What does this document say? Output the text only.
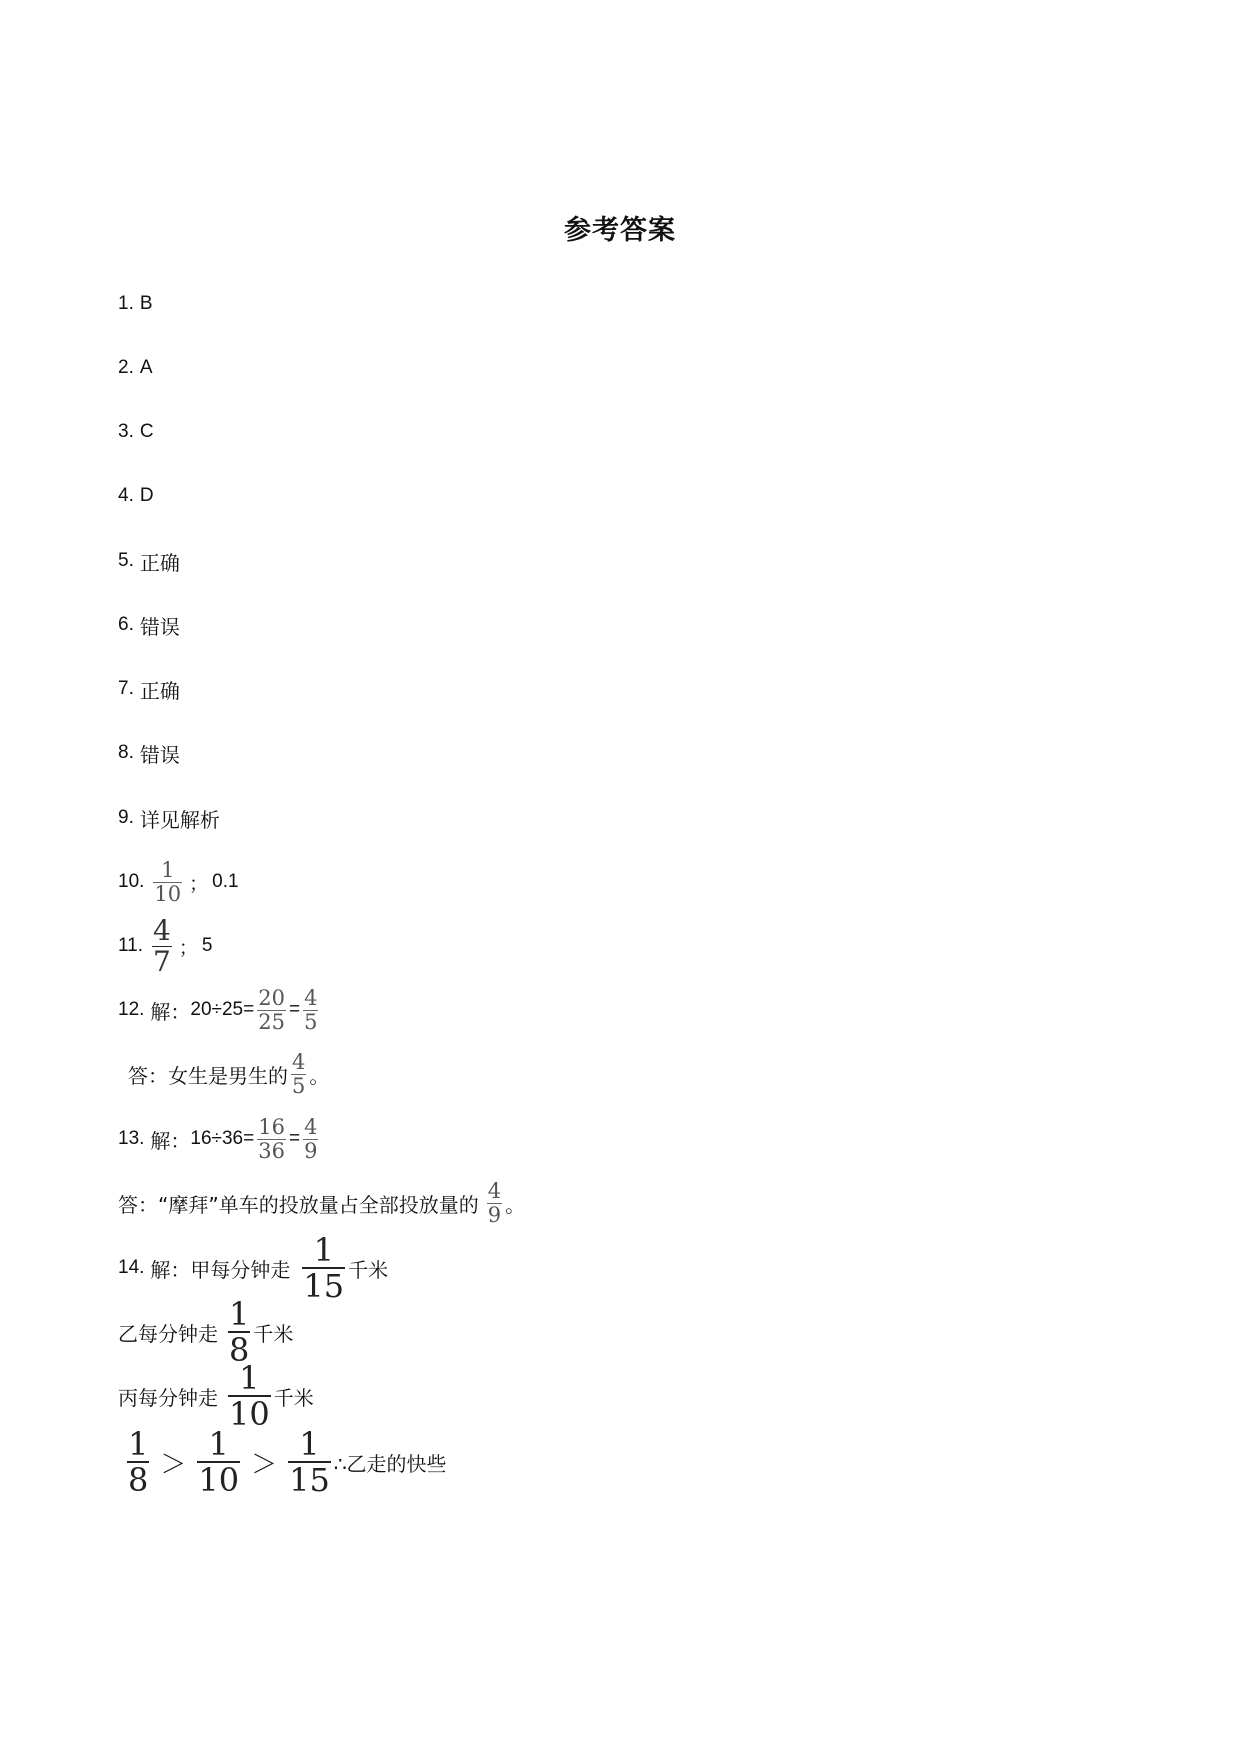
参考答案
1. B
2. A
3. C
4. D
5. 正确
6. 错误
7. 正确
8. 错误
9. 详见解析
10. $\frac{1}{10}$ ； 0.1
11. $\frac{4}{7}$ ； 5
12. 解： $20\div 25= \frac{20}{25} = \frac{4}{5}$
答：女生是男生的 $\frac{4}{5}$ 。
13. 解： $16\div 36= \frac{16}{36} = \frac{4}{9}$
答：“摩拜”单车的投放量占全部投放量的 $\frac{4}{9}$ 。
14. 解：甲每分钟走 $\frac{1}{15}$ 千米
乙每分钟走 $\frac{1}{8}$ 千米
丙每分钟走 $\frac{1}{10}$ 千米
$\frac{1}{8} > \frac{1}{10} > \frac{1}{15}$ ∴乙走的快些
